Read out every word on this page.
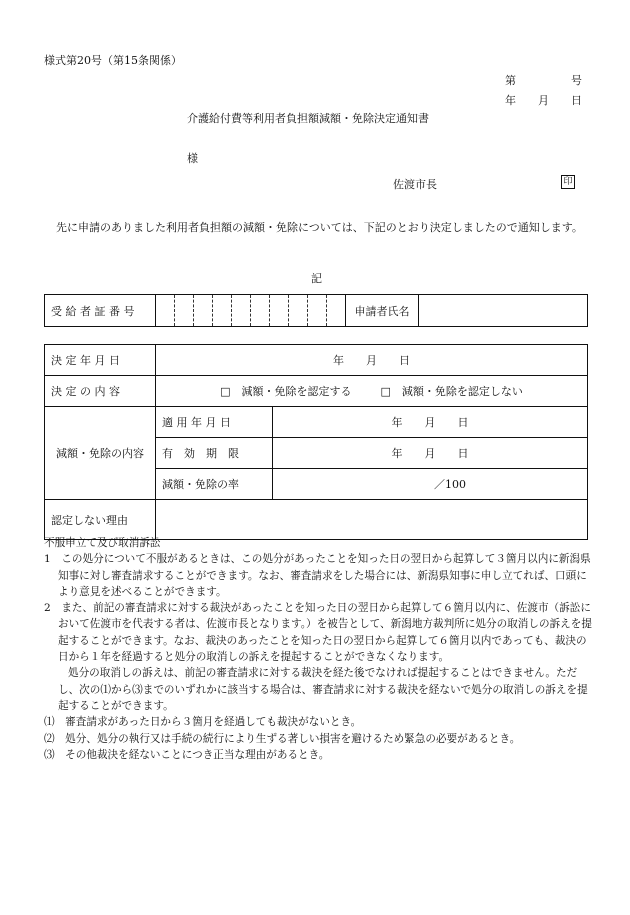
様式第20号（第15条関係）
第　　　　　号
年　　月　　日
介護給付費等利用者負担額減額・免除決定通知書
様
佐渡市長	印
先に申請のありました利用者負担額の減額・免除については、下記のとおり決定しましたので通知します。
記
受 給 者 証 番 号											申請者氏名	
決 定 年 月 日	年　　月　　日	
決 定 の 内 容	□　減額・免除を認定する □　減額・免除を認定しない	
減額・免除の内容	適 用 年 月 日	年　　月　　日
	有　効　期　限	年　　月　　日
	減額・免除の率	／100
認定しない理由		

不服申立て及び取消訴訟

1　この処分について不服があるときは、この処分があったことを知った日の翌日から起算して３箇月以内に新潟県知事に対し審査請求することができます。なお、審査請求をした場合には、新潟県知事に申し立てれば、口頭により意見を述べることができます。

2　また、前記の審査請求に対する裁決があったことを知った日の翌日から起算して６箇月以内に、佐渡市（訴訟において佐渡市を代表する者は、佐渡市長となります。）を被告として、新潟地方裁判所に処分の取消しの訴えを提起することができます。なお、裁決のあったことを知った日の翌日から起算して６箇月以内であっても、裁決の日から１年を経過すると処分の取消しの訴えを提起することができなくなります。

処分の取消しの訴えは、前記の審査請求に対する裁決を経た後でなければ提起することはできません。ただし、次の⑴から⑶までのいずれかに該当する場合は、審査請求に対する裁決を経ないで処分の取消しの訴えを提起することができます。

⑴　審査請求があった日から３箇月を経過しても裁決がないとき。

⑵　処分、処分の執行又は手続の続行により生ずる著しい損害を避けるため緊急の必要があるとき。

⑶　その他裁決を経ないことにつき正当な理由があるとき。
